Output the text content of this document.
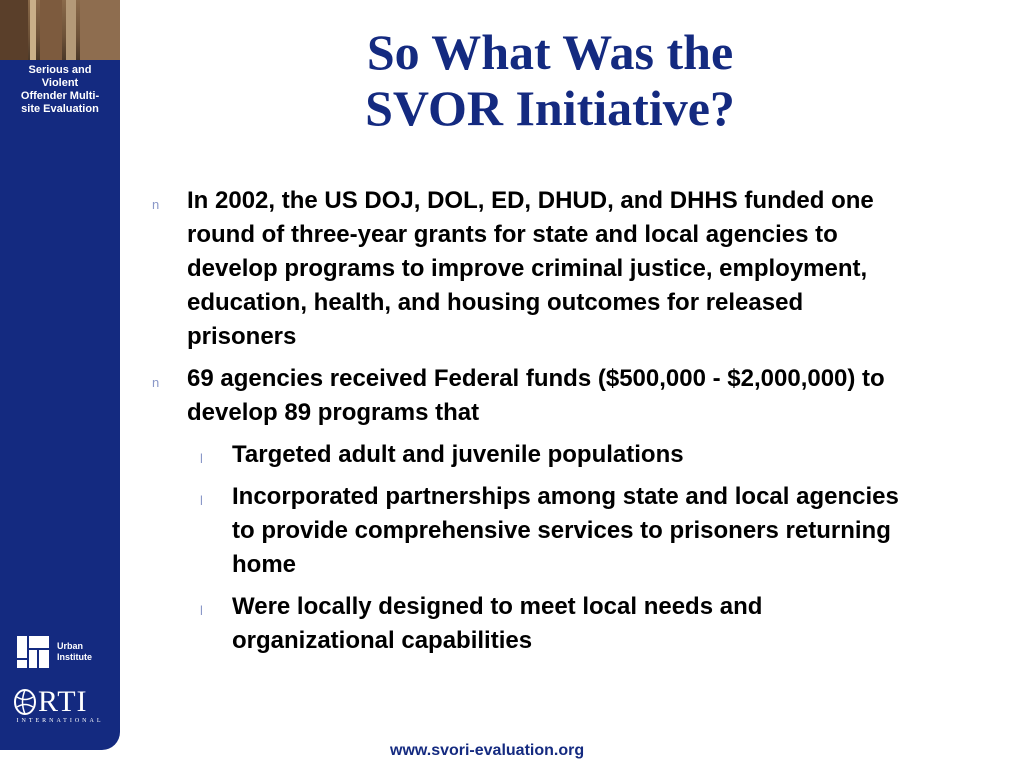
Serious and
Violent
Offender Multi-
site Evaluation
Urban
Institute
RTI
INTERNATIONAL
So What Was the
SVOR Initiative?
n In 2002, the US DOJ, DOL, ED, DHUD, and DHHS funded one round of three-year grants for state and local agencies to develop programs to improve criminal justice, employment, education, health, and housing outcomes for released prisoners
n 69 agencies received Federal funds ($500,000 - $2,000,000) to develop 89 programs that
l Targeted adult and juvenile populations
l Incorporated partnerships among state and local agencies to provide comprehensive services to prisoners returning home
l Were locally designed to meet local needs and organizational capabilities
www.svori-evaluation.org
